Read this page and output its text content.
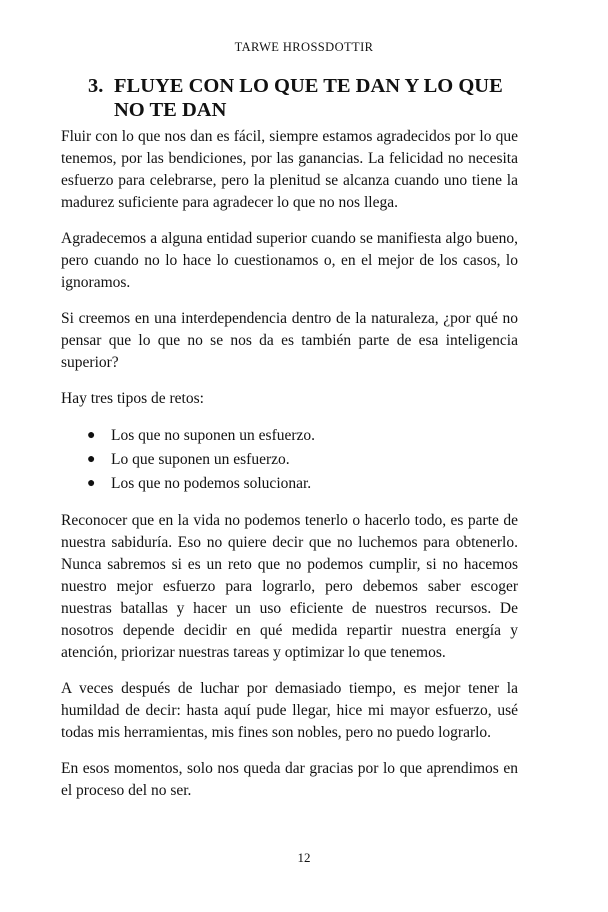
TARWE HROSSDOTTIR
3. FLUYE CON LO QUE TE DAN Y LO QUE NO TE DAN

Fluir con lo que nos dan es fácil, siempre estamos agradecidos por lo que tenemos, por las bendiciones, por las ganancias. La felicidad no necesita esfuerzo para celebrarse, pero la plenitud se alcanza cuando uno tiene la madurez suficiente para agradecer lo que no nos llega.

Agradecemos a alguna entidad superior cuando se manifiesta algo bueno, pero cuando no lo hace lo cuestionamos o, en el mejor de los casos, lo ignoramos.

Si creemos en una interdependencia dentro de la naturaleza, ¿por qué no pensar que lo que no se nos da es también parte de esa inteligencia superior?

Hay tres tipos de retos:

●	Los que no suponen un esfuerzo.
●	Lo que suponen un esfuerzo.
●	Los que no podemos solucionar.

Reconocer que en la vida no podemos tenerlo o hacerlo todo, es parte de nuestra sabiduría. Eso no quiere decir que no luchemos para obtenerlo. Nunca sabremos si es un reto que no podemos cumplir, si no hacemos nuestro mejor esfuerzo para lograrlo, pero debemos saber escoger nuestras batallas y hacer un uso eficiente de nuestros recursos. De nosotros depende decidir en qué medida repartir nuestra energía y atención, priorizar nuestras tareas y optimizar lo que tenemos.

A veces después de luchar por demasiado tiempo, es mejor tener la humildad de decir: hasta aquí pude llegar, hice mi mayor esfuerzo, usé todas mis herramientas, mis fines son nobles, pero no puedo lograrlo.

En esos momentos, solo nos queda dar gracias por lo que aprendimos en el proceso del no ser.

12
